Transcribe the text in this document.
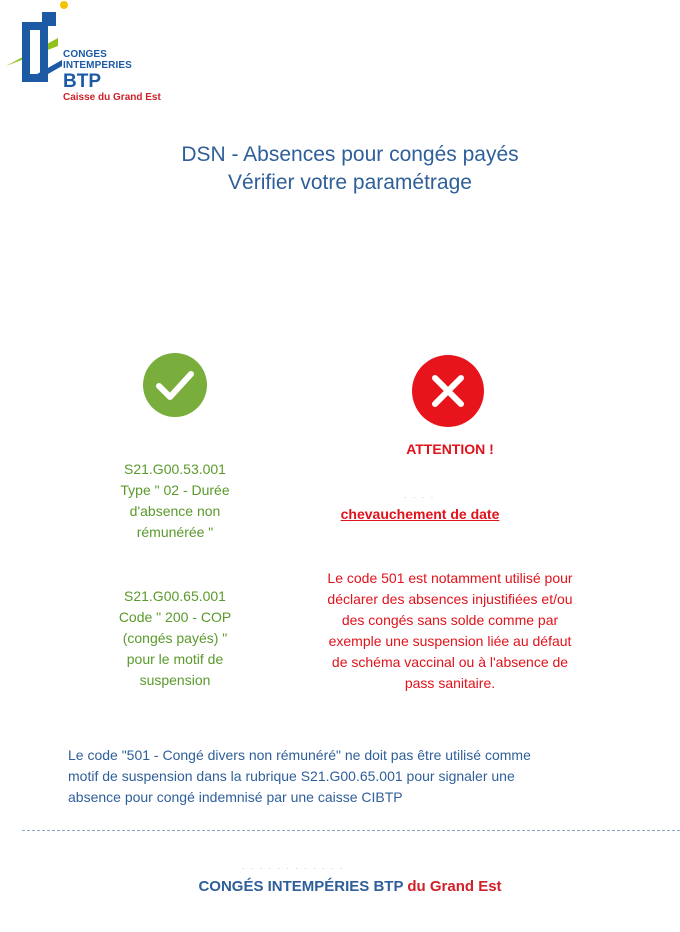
CONGES
INTEMPERIES
BTP
Caisse du Grand Est
DSN - Absences pour congés payés
Vérifier votre paramétrage
S21.G00.53.001
Type " 02 - Durée
d'absence non
rémunérée "
S21.G00.65.001
Code " 200 - COP
(congés payés) "
pour le motif de
suspension
ATTENTION !
· · · ·
chevauchement de date
Le code 501 est notamment utilisé pour
déclarer des absences injustifiées et/ou
des congés sans solde comme par
exemple une suspension liée au défaut
de schéma vaccinal ou à l'absence de
pass sanitaire.
Le code "501 - Congé divers non rémunéré" ne doit pas être utilisé comme
motif de suspension dans la rubrique S21.G00.65.001 pour signaler une
absence pour congé indemnisé par une caisse CIBTP
· · · · · · · · · · · ·
CONGÉS INTEMPÉRIES BTP du Grand Est
